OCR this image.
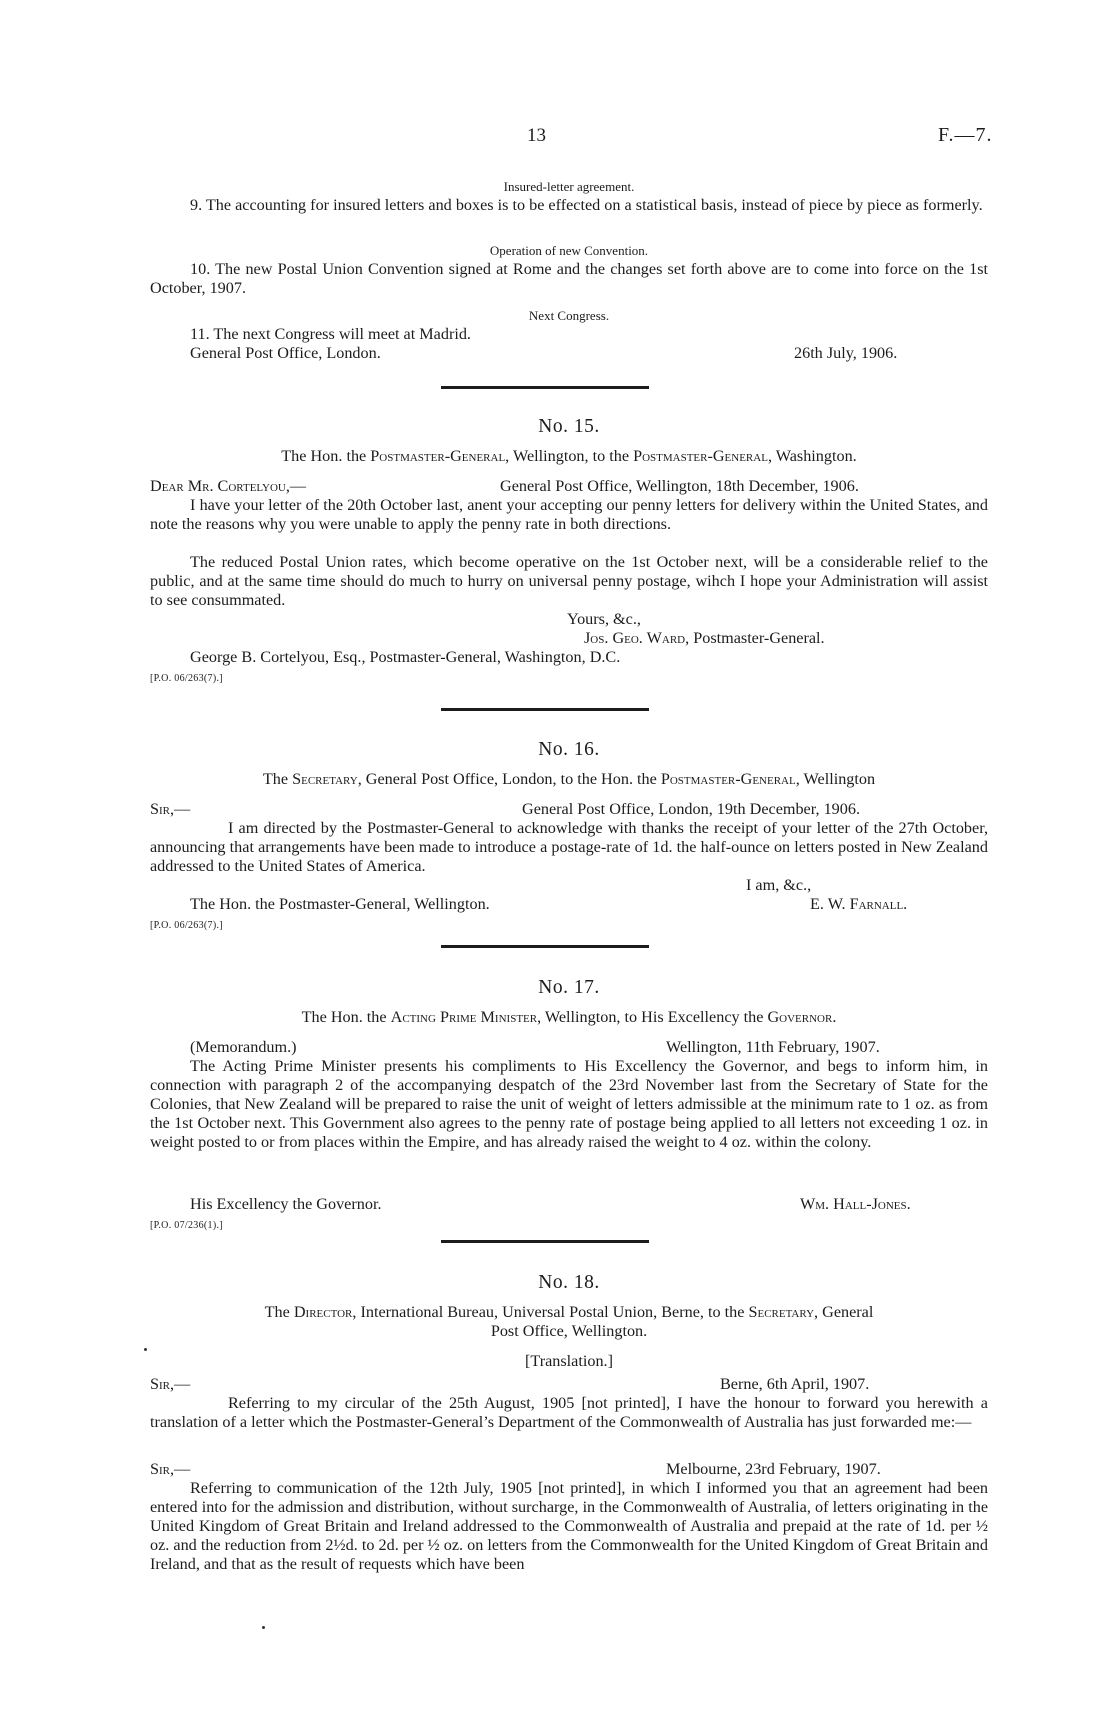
13	F.—7.
Insured-letter agreement.
9. The accounting for insured letters and boxes is to be effected on a statistical basis, instead of piece by piece as formerly.
Operation of new Convention.
10. The new Postal Union Convention signed at Rome and the changes set forth above are to come into force on the 1st October, 1907.
Next Congress.
11. The next Congress will meet at Madrid.
General Post Office, London.	26th July, 1906.
No. 15.
The Hon. the Postmaster-General, Wellington, to the Postmaster-General, Washington.
Dear Mr. Cortelyou,—	General Post Office, Wellington, 18th December, 1906.
I have your letter of the 20th October last, anent your accepting our penny letters for delivery within the United States, and note the reasons why you were unable to apply the penny rate in both directions.
The reduced Postal Union rates, which become operative on the 1st October next, will be a considerable relief to the public, and at the same time should do much to hurry on universal penny postage, wihch I hope your Administration will assist to see consummated.
Yours, &c.,
Jos. Geo. Ward, Postmaster-General.
George B. Cortelyou, Esq., Postmaster-General, Washington, D.C.
[P.O. 06/263(7).]
No. 16.
The Secretary, General Post Office, London, to the Hon. the Postmaster-General, Wellington
Sir,—	General Post Office, London, 19th December, 1906.
I am directed by the Postmaster-General to acknowledge with thanks the receipt of your letter of the 27th October, announcing that arrangements have been made to introduce a postage-rate of 1d. the half-ounce on letters posted in New Zealand addressed to the United States of America.
I am, &c.,
The Hon. the Postmaster-General, Wellington.	E. W. Farnall.
[P.O. 06/263(7).]
No. 17.
The Hon. the Acting Prime Minister, Wellington, to His Excellency the Governor.
(Memorandum.)	Wellington, 11th February, 1907.
The Acting Prime Minister presents his compliments to His Excellency the Governor, and begs to inform him, in connection with paragraph 2 of the accompanying despatch of the 23rd November last from the Secretary of State for the Colonies, that New Zealand will be prepared to raise the unit of weight of letters admissible at the minimum rate to 1 oz. as from the 1st October next. This Government also agrees to the penny rate of postage being applied to all letters not exceeding 1 oz. in weight posted to or from places within the Empire, and has already raised the weight to 4 oz. within the colony.
His Excellency the Governor.	Wm. Hall-Jones.
[P.O. 07/236(1).]
No. 18.
The Director, International Bureau, Universal Postal Union, Berne, to the Secretary, General
Post Office, Wellington.
[Translation.]
Sir,—	Berne, 6th April, 1907.
Referring to my circular of the 25th August, 1905 [not printed], I have the honour to forward you herewith a translation of a letter which the Postmaster-General’s Department of the Commonwealth of Australia has just forwarded me:—
Sir,—	Melbourne, 23rd February, 1907.
Referring to communication of the 12th July, 1905 [not printed], in which I informed you that an agreement had been entered into for the admission and distribution, without surcharge, in the Commonwealth of Australia, of letters originating in the United Kingdom of Great Britain and Ireland addressed to the Commonwealth of Australia and prepaid at the rate of 1d. per ½ oz. and the reduction from 2½d. to 2d. per ½ oz. on letters from the Commonwealth for the United Kingdom of Great Britain and Ireland, and that as the result of requests which have been
